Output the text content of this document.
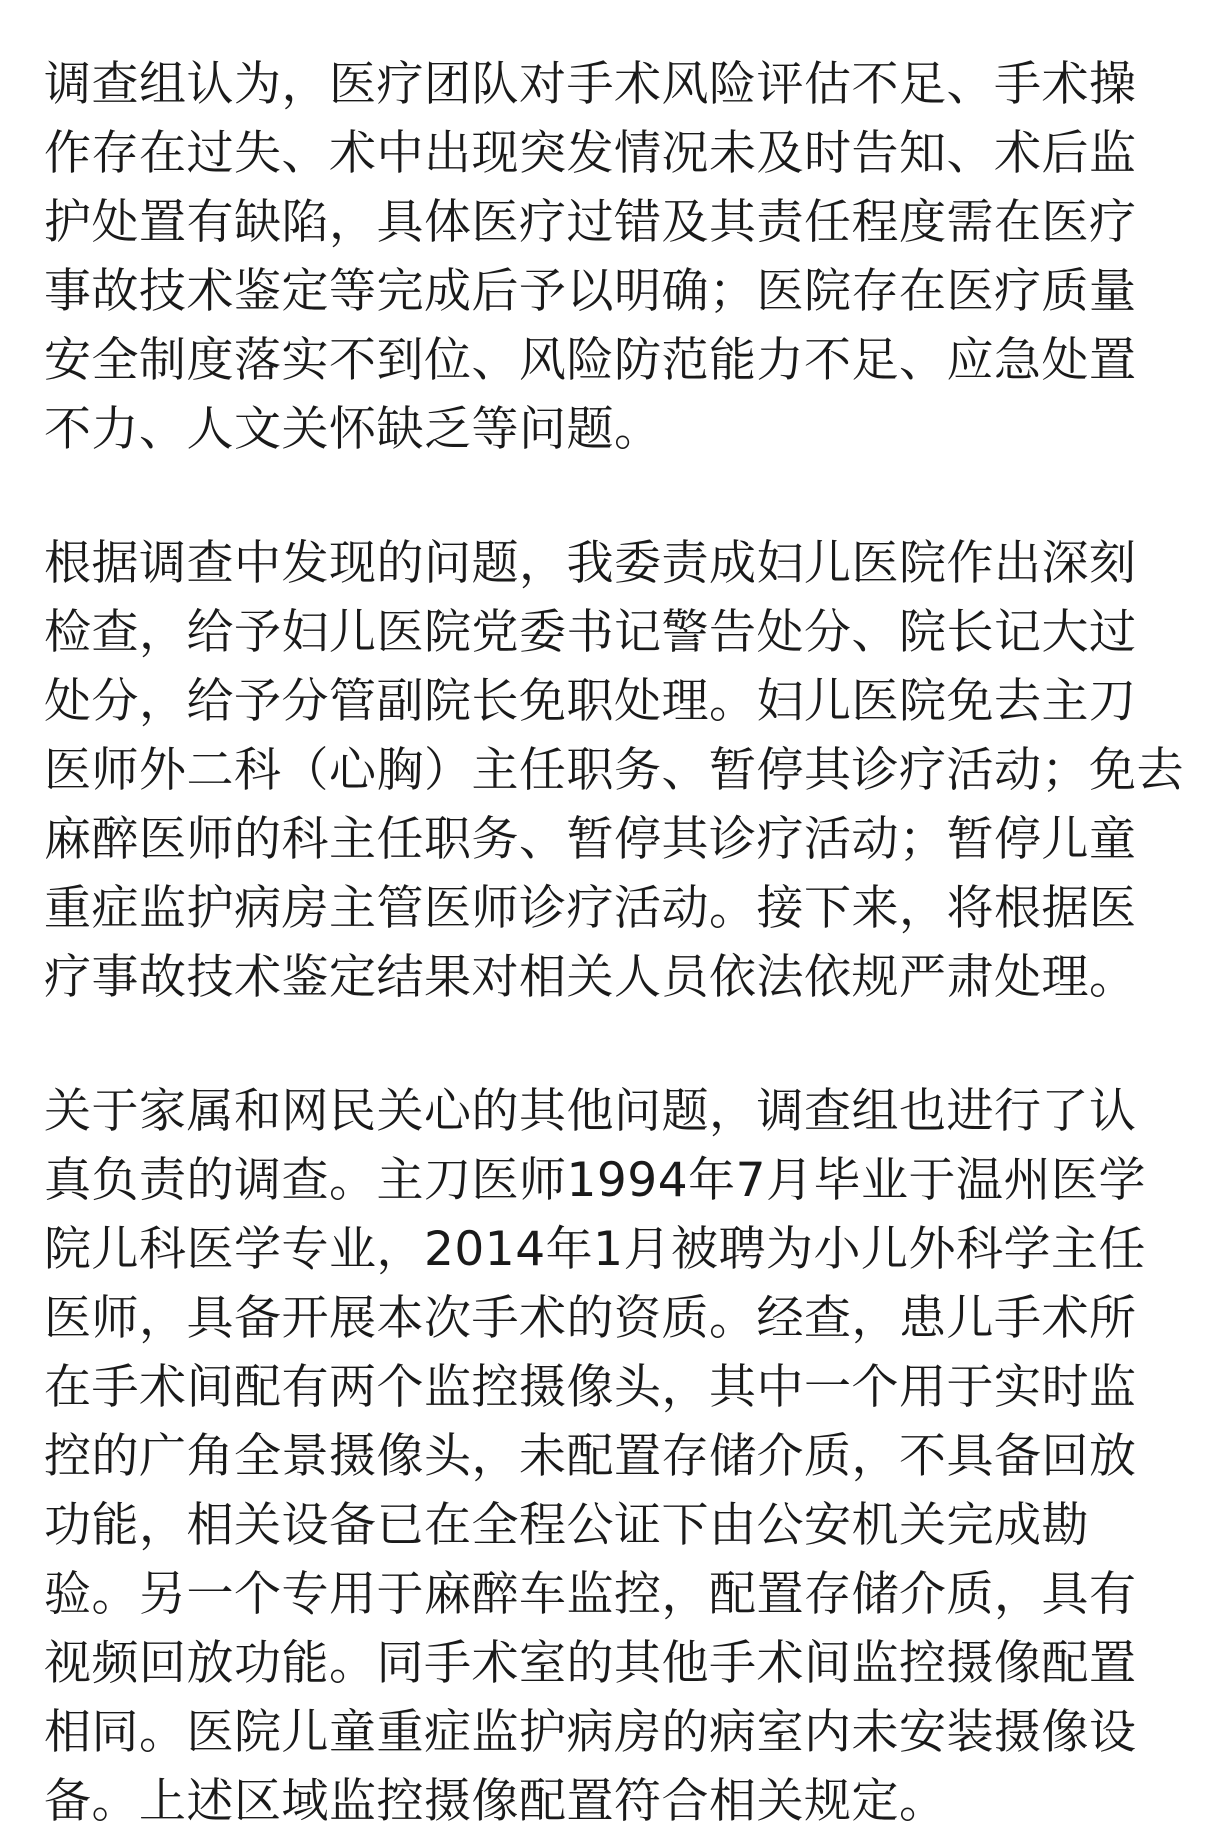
调查组认为，医疗团队对手术风险评估不足、手术操
作存在过失、术中出现突发情况未及时告知、术后监
护处置有缺陷，具体医疗过错及其责任程度需在医疗
事故技术鉴定等完成后予以明确；医院存在医疗质量
安全制度落实不到位、风险防范能力不足、应急处置
不力、人文关怀缺乏等问题。
根据调查中发现的问题，我委责成妇儿医院作出深刻
检查，给予妇儿医院党委书记警告处分、院长记大过
处分，给予分管副院长免职处理。妇儿医院免去主刀
医师外二科（心胸）主任职务、暂停其诊疗活动；免去
麻醉医师的科主任职务、暂停其诊疗活动；暂停儿童
重症监护病房主管医师诊疗活动。接下来，将根据医
疗事故技术鉴定结果对相关人员依法依规严肃处理。
关于家属和网民关心的其他问题，调查组也进行了认
真负责的调查。主刀医师1994年7月毕业于温州医学
院儿科医学专业，2014年1月被聘为小儿外科学主任
医师，具备开展本次手术的资质。经查，患儿手术所
在手术间配有两个监控摄像头，其中一个用于实时监
控的广角全景摄像头，未配置存储介质，不具备回放
功能，相关设备已在全程公证下由公安机关完成勘
验。另一个专用于麻醉车监控，配置存储介质，具有
视频回放功能。同手术室的其他手术间监控摄像配置
相同。医院儿童重症监护病房的病室内未安装摄像设
备。上述区域监控摄像配置符合相关规定。
